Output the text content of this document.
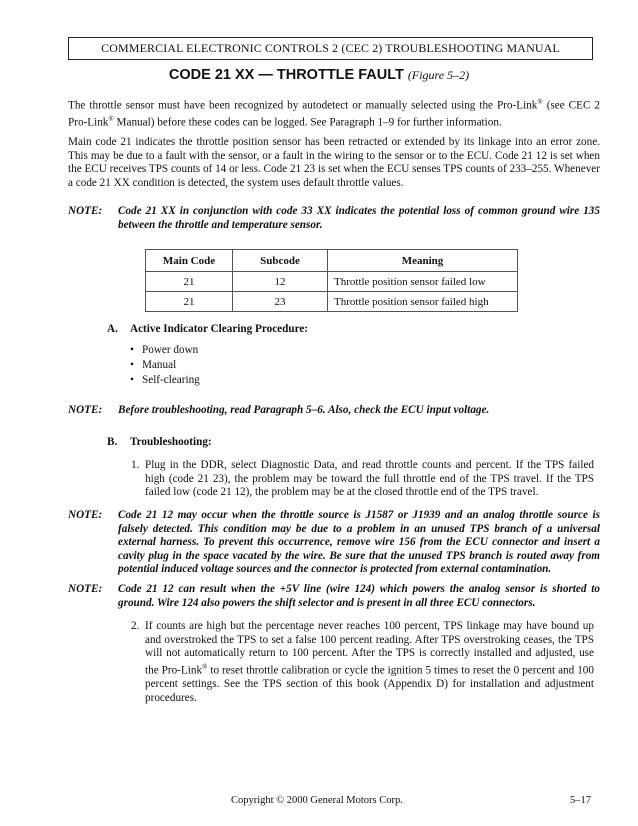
COMMERCIAL ELECTRONIC CONTROLS 2 (CEC 2) TROUBLESHOOTING MANUAL
CODE 21 XX — THROTTLE FAULT (Figure 5–2)

The throttle sensor must have been recognized by autodetect or manually selected using the Pro-Link® (see CEC 2 Pro-Link® Manual) before these codes can be logged. See Paragraph 1–9 for further information.

Main code 21 indicates the throttle position sensor has been retracted or extended by its linkage into an error zone. This may be due to a fault with the sensor, or a fault in the wiring to the sensor or to the ECU. Code 21 12 is set when the ECU receives TPS counts of 14 or less. Code 21 23 is set when the ECU senses TPS counts of 233–255. Whenever a code 21 XX condition is detected, the system uses default throttle values.

NOTE: Code 21 XX in conjunction with code 33 XX indicates the potential loss of common ground wire 135 between the throttle and temperature sensor.
Main Code	Subcode	Meaning
21	12	Throttle position sensor failed low
21	23	Throttle position sensor failed high
A. Active Indicator Clearing Procedure:
• Power down
• Manual
• Self-clearing
NOTE: Before troubleshooting, read Paragraph 5–6. Also, check the ECU input voltage.
B. Troubleshooting:
1. Plug in the DDR, select Diagnostic Data, and read throttle counts and percent. If the TPS failed high (code 21 23), the problem may be toward the full throttle end of the TPS travel. If the TPS failed low (code 21 12), the problem may be at the closed throttle end of the TPS travel.
NOTE: Code 21 12 may occur when the throttle source is J1587 or J1939 and an analog throttle source is falsely detected. This condition may be due to a problem in an unused TPS branch of a universal external harness. To prevent this occurrence, remove wire 156 from the ECU connector and insert a cavity plug in the space vacated by the wire. Be sure that the unused TPS branch is routed away from potential induced voltage sources and the connector is protected from external contamination.
NOTE: Code 21 12 can result when the +5V line (wire 124) which powers the analog sensor is shorted to ground. Wire 124 also powers the shift selector and is present in all three ECU connectors.
2. If counts are high but the percentage never reaches 100 percent, TPS linkage may have bound up and overstroked the TPS to set a false 100 percent reading. After TPS overstroking ceases, the TPS will not automatically return to 100 percent. After the TPS is correctly installed and adjusted, use the Pro-Link® to reset throttle calibration or cycle the ignition 5 times to reset the 0 percent and 100 percent settings. See the TPS section of this book (Appendix D) for installation and adjustment procedures.
Copyright © 2000 General Motors Corp.	5–17
